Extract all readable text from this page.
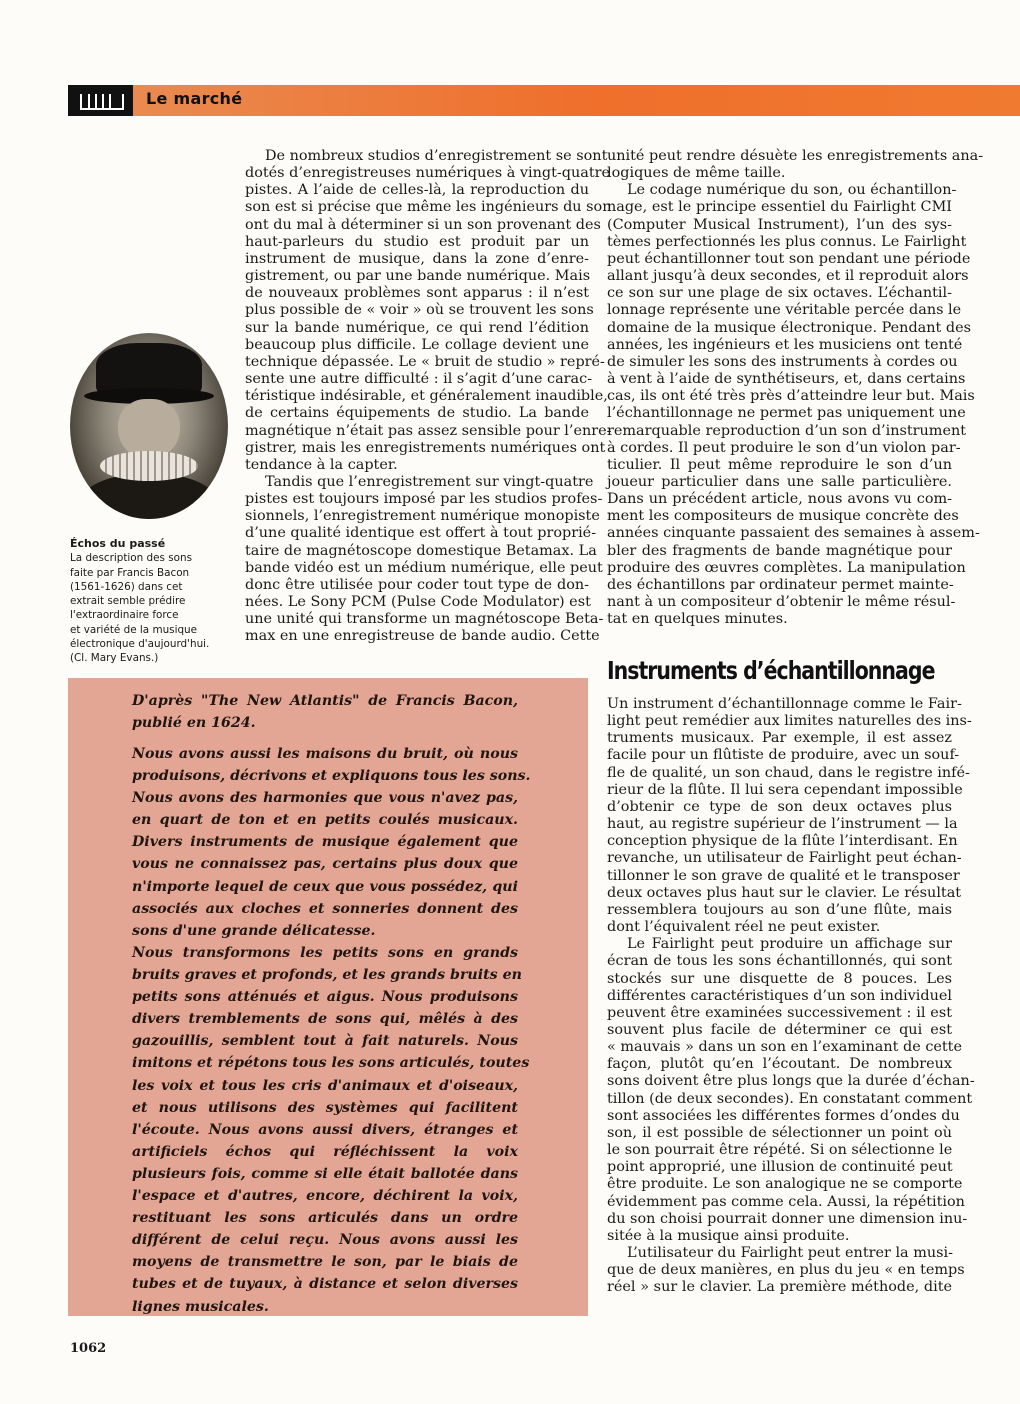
Le marché
Échos du passé
La description des sons
faite par Francis Bacon
(1561-1626) dans cet
extrait semble prédire
l'extraordinaire force
et variété de la musique
électronique d'aujourd'hui.
(Cl. Mary Evans.)

De nombreux studios d’enregistrement se sont
dotés d’enregistreuses numériques à vingt-quatre
pistes. A l’aide de celles-là, la reproduction du
son est si précise que même les ingénieurs du son
ont du mal à déterminer si un son provenant des
haut-parleurs du studio est produit par un
instrument de musique, dans la zone d’enre-
gistrement, ou par une bande numérique. Mais
de nouveaux problèmes sont apparus : il n’est
plus possible de « voir » où se trouvent les sons
sur la bande numérique, ce qui rend l’édition
beaucoup plus difficile. Le collage devient une
technique dépassée. Le « bruit de studio » repré-
sente une autre difficulté : il s’agit d’une carac-
téristique indésirable, et généralement inaudible,
de certains équipements de studio. La bande
magnétique n’était pas assez sensible pour l’enre-
gistrer, mais les enregistrements numériques ont
tendance à la capter.

Tandis que l’enregistrement sur vingt-quatre
pistes est toujours imposé par les studios profes-
sionnels, l’enregistrement numérique monopiste
d’une qualité identique est offert à tout proprié-
taire de magnétoscope domestique Betamax. La
bande vidéo est un médium numérique, elle peut
donc être utilisée pour coder tout type de don-
nées. Le Sony PCM (Pulse Code Modulator) est
une unité qui transforme un magnétoscope Beta-
max en une enregistreuse de bande audio. Cette

unité peut rendre désuète les enregistrements ana-
logiques de même taille.

Le codage numérique du son, ou échantillon-
nage, est le principe essentiel du Fairlight CMI
(Computer Musical Instrument), l’un des sys-
tèmes perfectionnés les plus connus. Le Fairlight
peut échantillonner tout son pendant une période
allant jusqu’à deux secondes, et il reproduit alors
ce son sur une plage de six octaves. L’échantil-
lonnage représente une véritable percée dans le
domaine de la musique électronique. Pendant des
années, les ingénieurs et les musiciens ont tenté
de simuler les sons des instruments à cordes ou
à vent à l’aide de synthétiseurs, et, dans certains
cas, ils ont été très près d’atteindre leur but. Mais
l’échantillonnage ne permet pas uniquement une
remarquable reproduction d’un son d’instrument
à cordes. Il peut produire le son d’un violon par-
ticulier. Il peut même reproduire le son d’un
joueur particulier dans une salle particulière.
Dans un précédent article, nous avons vu com-
ment les compositeurs de musique concrète des
années cinquante passaient des semaines à assem-
bler des fragments de bande magnétique pour
produire des œuvres complètes. La manipulation
des échantillons par ordinateur permet mainte-
nant à un compositeur d’obtenir le même résul-
tat en quelques minutes.

Instruments d’échantillonnage

Un instrument d’échantillonnage comme le Fair-
light peut remédier aux limites naturelles des ins-
truments musicaux. Par exemple, il est assez
facile pour un flûtiste de produire, avec un souf-
fle de qualité, un son chaud, dans le registre infé-
rieur de la flûte. Il lui sera cependant impossible
d’obtenir ce type de son deux octaves plus
haut, au registre supérieur de l’instrument — la
conception physique de la flûte l’interdisant. En
revanche, un utilisateur de Fairlight peut échan-
tillonner le son grave de qualité et le transposer
deux octaves plus haut sur le clavier. Le résultat
ressemblera toujours au son d’une flûte, mais
dont l’équivalent réel ne peut exister.

Le Fairlight peut produire un affichage sur
écran de tous les sons échantillonnés, qui sont
stockés sur une disquette de 8 pouces. Les
différentes caractéristiques d’un son individuel
peuvent être examinées successivement : il est
souvent plus facile de déterminer ce qui est
« mauvais » dans un son en l’examinant de cette
façon, plutôt qu’en l’écoutant. De nombreux
sons doivent être plus longs que la durée d’échan-
tillon (de deux secondes). En constatant comment
sont associées les différentes formes d’ondes du
son, il est possible de sélectionner un point où
le son pourrait être répété. Si on sélectionne le
point approprié, une illusion de continuité peut
être produite. Le son analogique ne se comporte
évidemment pas comme cela. Aussi, la répétition
du son choisi pourrait donner une dimension inu-
sitée à la musique ainsi produite.

L’utilisateur du Fairlight peut entrer la musi-
que de deux manières, en plus du jeu « en temps
réel » sur le clavier. La première méthode, dite

D'après "The New Atlantis" de Francis Bacon,
publié en 1624.
Nous avons aussi les maisons du bruit, où nous
produisons, décrivons et expliquons tous les sons.
Nous avons des harmonies que vous n'avez pas,
en quart de ton et en petits coulés musicaux.
Divers instruments de musique également que
vous ne connaissez pas, certains plus doux que
n'importe lequel de ceux que vous possédez, qui
associés aux cloches et sonneries donnent des
sons d'une grande délicatesse.
Nous transformons les petits sons en grands
bruits graves et profonds, et les grands bruits en
petits sons atténués et aigus. Nous produisons
divers tremblements de sons qui, mêlés à des
gazouillis, semblent tout à fait naturels. Nous
imitons et répétons tous les sons articulés, toutes
les voix et tous les cris d'animaux et d'oiseaux,
et nous utilisons des systèmes qui facilitent
l'écoute. Nous avons aussi divers, étranges et
artificiels échos qui réfléchissent la voix
plusieurs fois, comme si elle était ballotée dans
l'espace et d'autres, encore, déchirent la voix,
restituant les sons articulés dans un ordre
différent de celui reçu. Nous avons aussi les
moyens de transmettre le son, par le biais de
tubes et de tuyaux, à distance et selon diverses
lignes musicales.
1062
